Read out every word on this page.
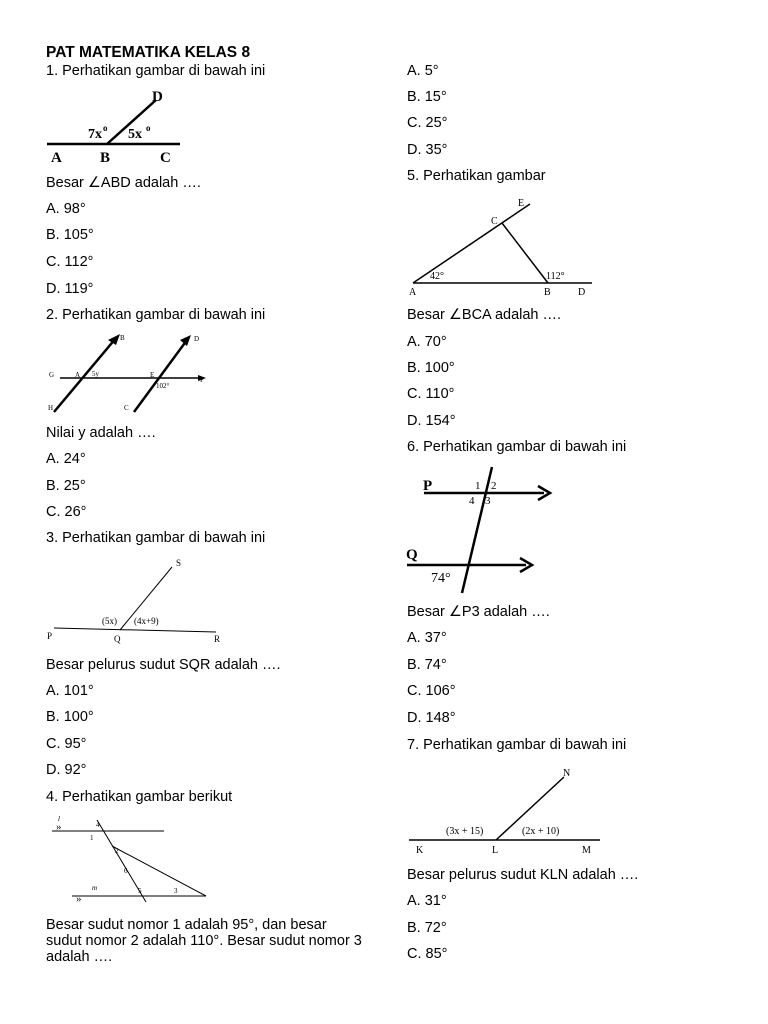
PAT MATEMATIKA KELAS 8
1. Perhatikan gambar di bawah ini
D
7x o 5x o
A	B	C
Besar ∠ABD adalah ….
A. 98°
B. 105°
C. 112°
D. 119°
2. Perhatikan gambar di bawah ini
B	D
G	A 5y	E
F
102°
H	C
Nilai y adalah ….
A. 24°
B. 25°
C. 26°
3. Perhatikan gambar di bawah ini
S
(5x) (4x+9)
P	Q	R
Besar pelurus sudut SQR adalah ….
A. 101°
B. 100°
C. 95°
D. 92°
4. Perhatikan gambar berikut
»
»
l
m
4
1
2
6
5	3
Besar sudut nomor 1 adalah 95°, dan besar sudut nomor 2 adalah 110°. Besar sudut nomor 3 adalah ….
A. 5°
B. 15°
C. 25°
D. 35°
5. Perhatikan gambar
E
C
42°	112°
A	B	D
Besar ∠BCA adalah ….
A. 70°
B. 100°
C. 110°
D. 154°
6. Perhatikan gambar di bawah ini
P
Q
1 2
4 3
74°
Besar ∠P3 adalah ….
A. 37°
B. 74°
C. 106°
D. 148°
7. Perhatikan gambar di bawah ini
N
(3x + 15)	(2x + 10)
K	L	M
Besar pelurus sudut KLN adalah ….
A. 31°
B. 72°
C. 85°
